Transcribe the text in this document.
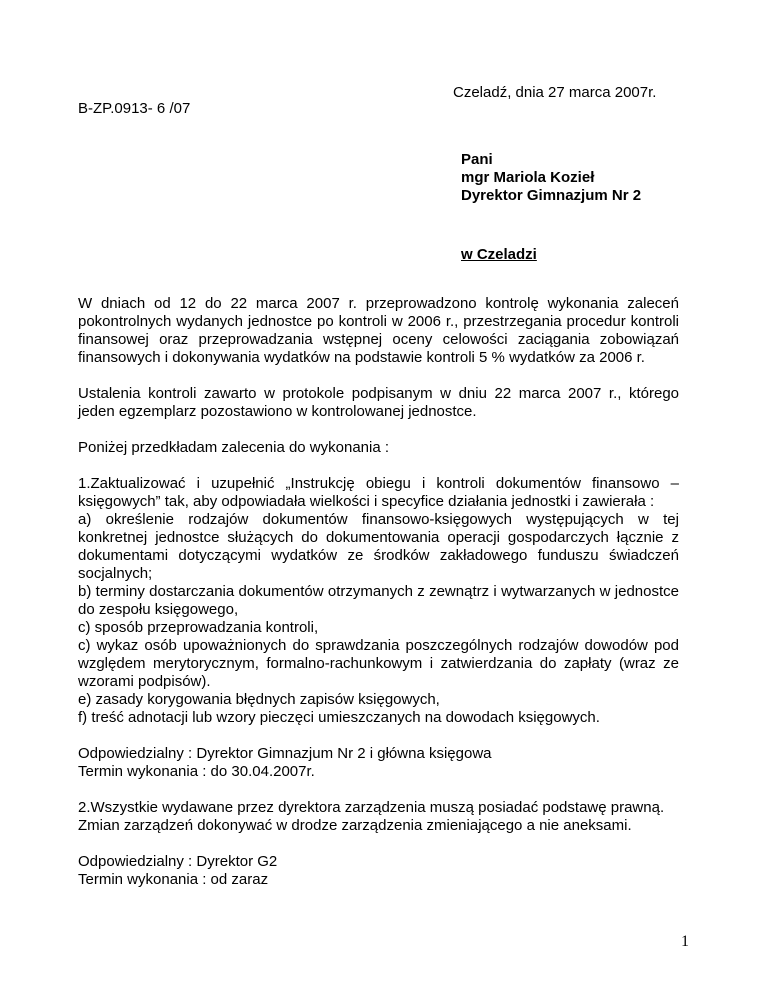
Czeladź, dnia 27 marca 2007r.
B-ZP.0913- 6 /07
Pani
mgr Mariola Kozieł
Dyrektor Gimnazjum Nr 2
w Czeladzi

W dniach od 12 do 22 marca 2007 r. przeprowadzono kontrolę wykonania zaleceń pokontrolnych wydanych jednostce po kontroli w 2006 r., przestrzegania procedur kontroli finansowej oraz przeprowadzania wstępnej oceny celowości zaciągania zobowiązań finansowych i dokonywania wydatków na podstawie kontroli 5 % wydatków za 2006 r.

Ustalenia kontroli zawarto w protokole podpisanym w dniu 22 marca 2007 r., którego jeden egzemplarz pozostawiono w kontrolowanej jednostce.

Poniżej przedkładam zalecenia do wykonania :

1.Zaktualizować i uzupełnić „Instrukcję obiegu i kontroli dokumentów finansowo – księgowych” tak, aby odpowiadała wielkości i specyfice działania jednostki i zawierała :
a) określenie rodzajów dokumentów finansowo-księgowych występujących w tej konkretnej jednostce służących do dokumentowania operacji gospodarczych łącznie z dokumentami dotyczącymi wydatków ze środków zakładowego funduszu świadczeń socjalnych;
b) terminy dostarczania dokumentów otrzymanych z zewnątrz i wytwarzanych w jednostce do zespołu księgowego,
c) sposób przeprowadzania kontroli,
c) wykaz osób upoważnionych do sprawdzania poszczególnych rodzajów dowodów pod względem merytorycznym, formalno-rachunkowym i zatwierdzania do zapłaty (wraz ze wzorami podpisów).
e) zasady korygowania błędnych zapisów księgowych,
f) treść adnotacji lub wzory pieczęci umieszczanych na dowodach księgowych.
Odpowiedzialny : Dyrektor Gimnazjum Nr 2 i główna księgowa
Termin wykonania : do 30.04.2007r.
2.Wszystkie wydawane przez dyrektora zarządzenia muszą posiadać podstawę prawną.
Zmian zarządzeń dokonywać w drodze zarządzenia zmieniającego a nie aneksami.
Odpowiedzialny : Dyrektor G2
Termin wykonania : od zaraz
1
